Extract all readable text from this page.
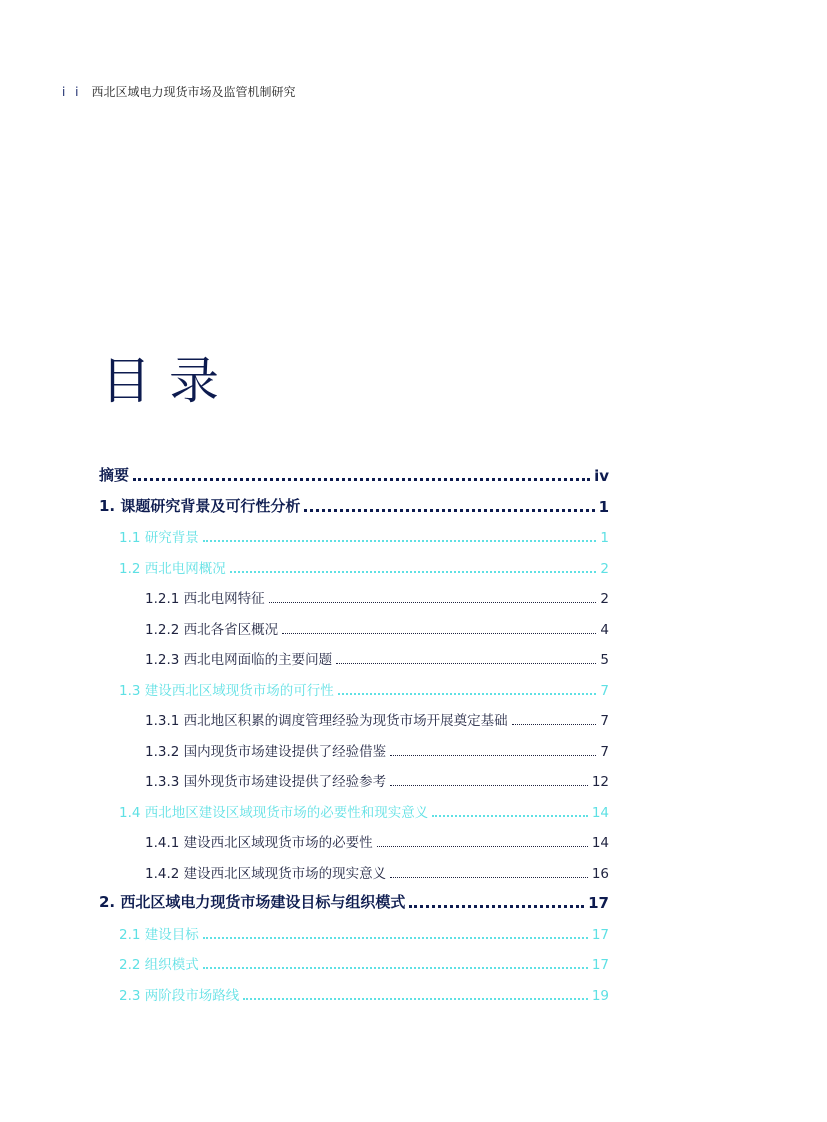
i i 西北区域电力现货市场及监管机制研究
目录
摘要	iv
1. 课题研究背景及可行性分析	1
1.1 研究背景	1
1.2 西北电网概况	2
1.2.1 西北电网特征	2
1.2.2 西北各省区概况	4
1.2.3 西北电网面临的主要问题	5
1.3 建设西北区域现货市场的可行性	7
1.3.1 西北地区积累的调度管理经验为现货市场开展奠定基础	7
1.3.2 国内现货市场建设提供了经验借鉴	7
1.3.3 国外现货市场建设提供了经验参考	12
1.4 西北地区建设区域现货市场的必要性和现实意义	14
1.4.1 建设西北区域现货市场的必要性	14
1.4.2 建设西北区域现货市场的现实意义	16
2. 西北区域电力现货市场建设目标与组织模式	17
2.1 建设目标	17
2.2 组织模式	17
2.3 两阶段市场路线	19
